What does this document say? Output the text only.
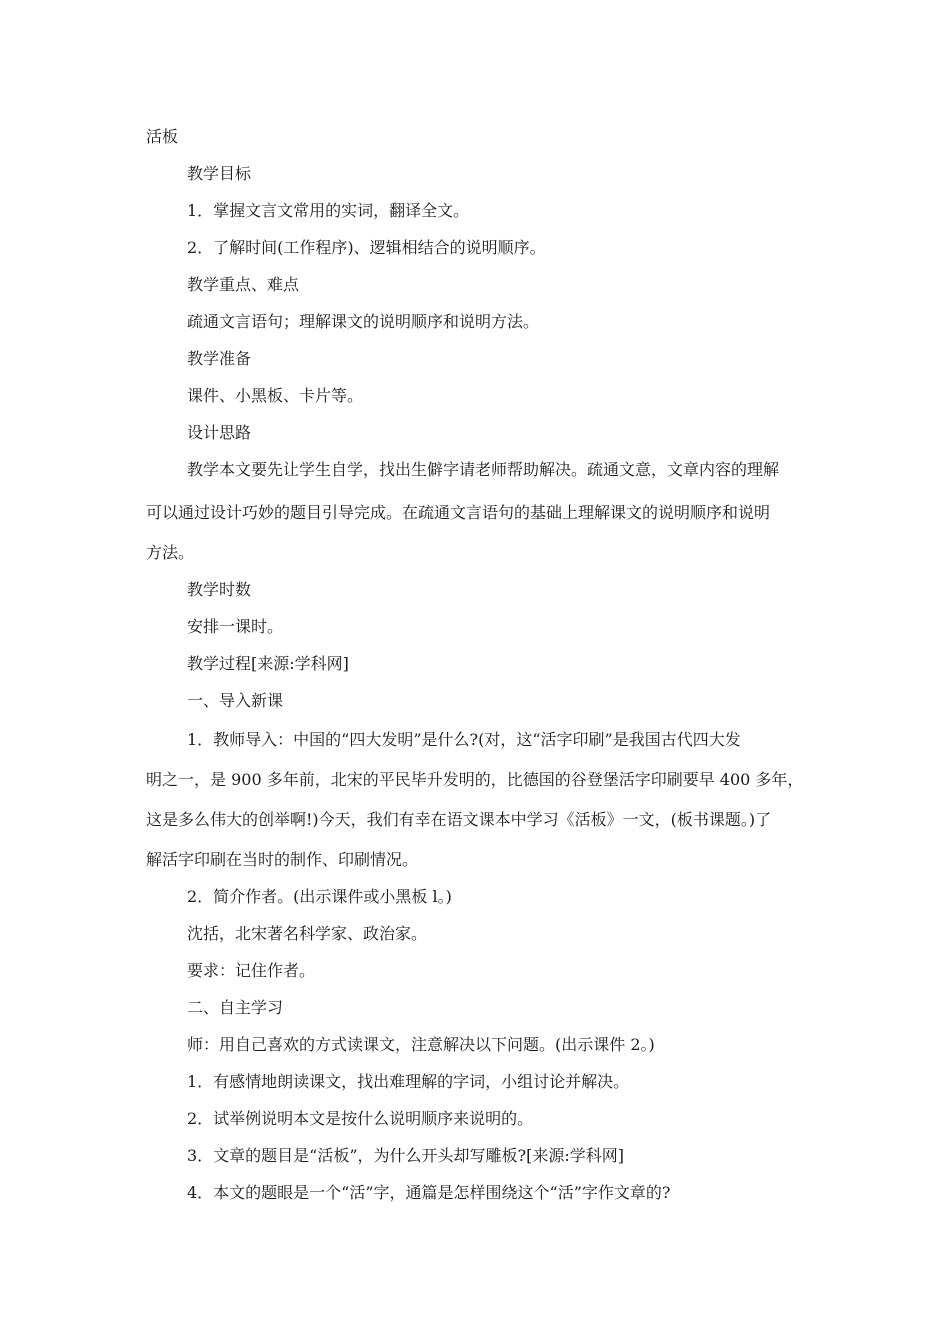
活板

教学目标

1．掌握文言文常用的实词，翻译全文。

2．了解时间(工作程序)、逻辑相结合的说明顺序。

教学重点、难点

疏通文言语句；理解课文的说明顺序和说明方法。

教学准备

课件、小黑板、卡片等。

设计思路

教学本文要先让学生自学，找出生僻字请老师帮助解决。疏通文意，文章内容的理解

可以通过设计巧妙的题目引导完成。在疏通文言语句的基础上理解课文的说明顺序和说明

方法。

教学时数

安排一课时。

教学过程[来源:学科网]

一、导入新课

1．教师导入：中国的“四大发明”是什么?(对，这“活字印刷”是我国古代四大发

明之一，是 900 多年前，北宋的平民毕升发明的，比德国的谷登堡活字印刷要早 400 多年，

这是多么伟大的创举啊!)今天，我们有幸在语文课本中学习《活板》一文，(板书课题。)了

解活字印刷在当时的制作、印刷情况。

2．简介作者。(出示课件或小黑板 l。)

沈括，北宋著名科学家、政治家。

要求：记住作者。

二、自主学习

师：用自己喜欢的方式读课文，注意解决以下问题。(出示课件 2。)

1．有感情地朗读课文，找出难理解的字词，小组讨论并解决。

2．试举例说明本文是按什么说明顺序来说明的。

3．文章的题目是“活板”，为什么开头却写雕板?[来源:学科网]

4．本文的题眼是一个“活”字，通篇是怎样围绕这个“活”字作文章的?
